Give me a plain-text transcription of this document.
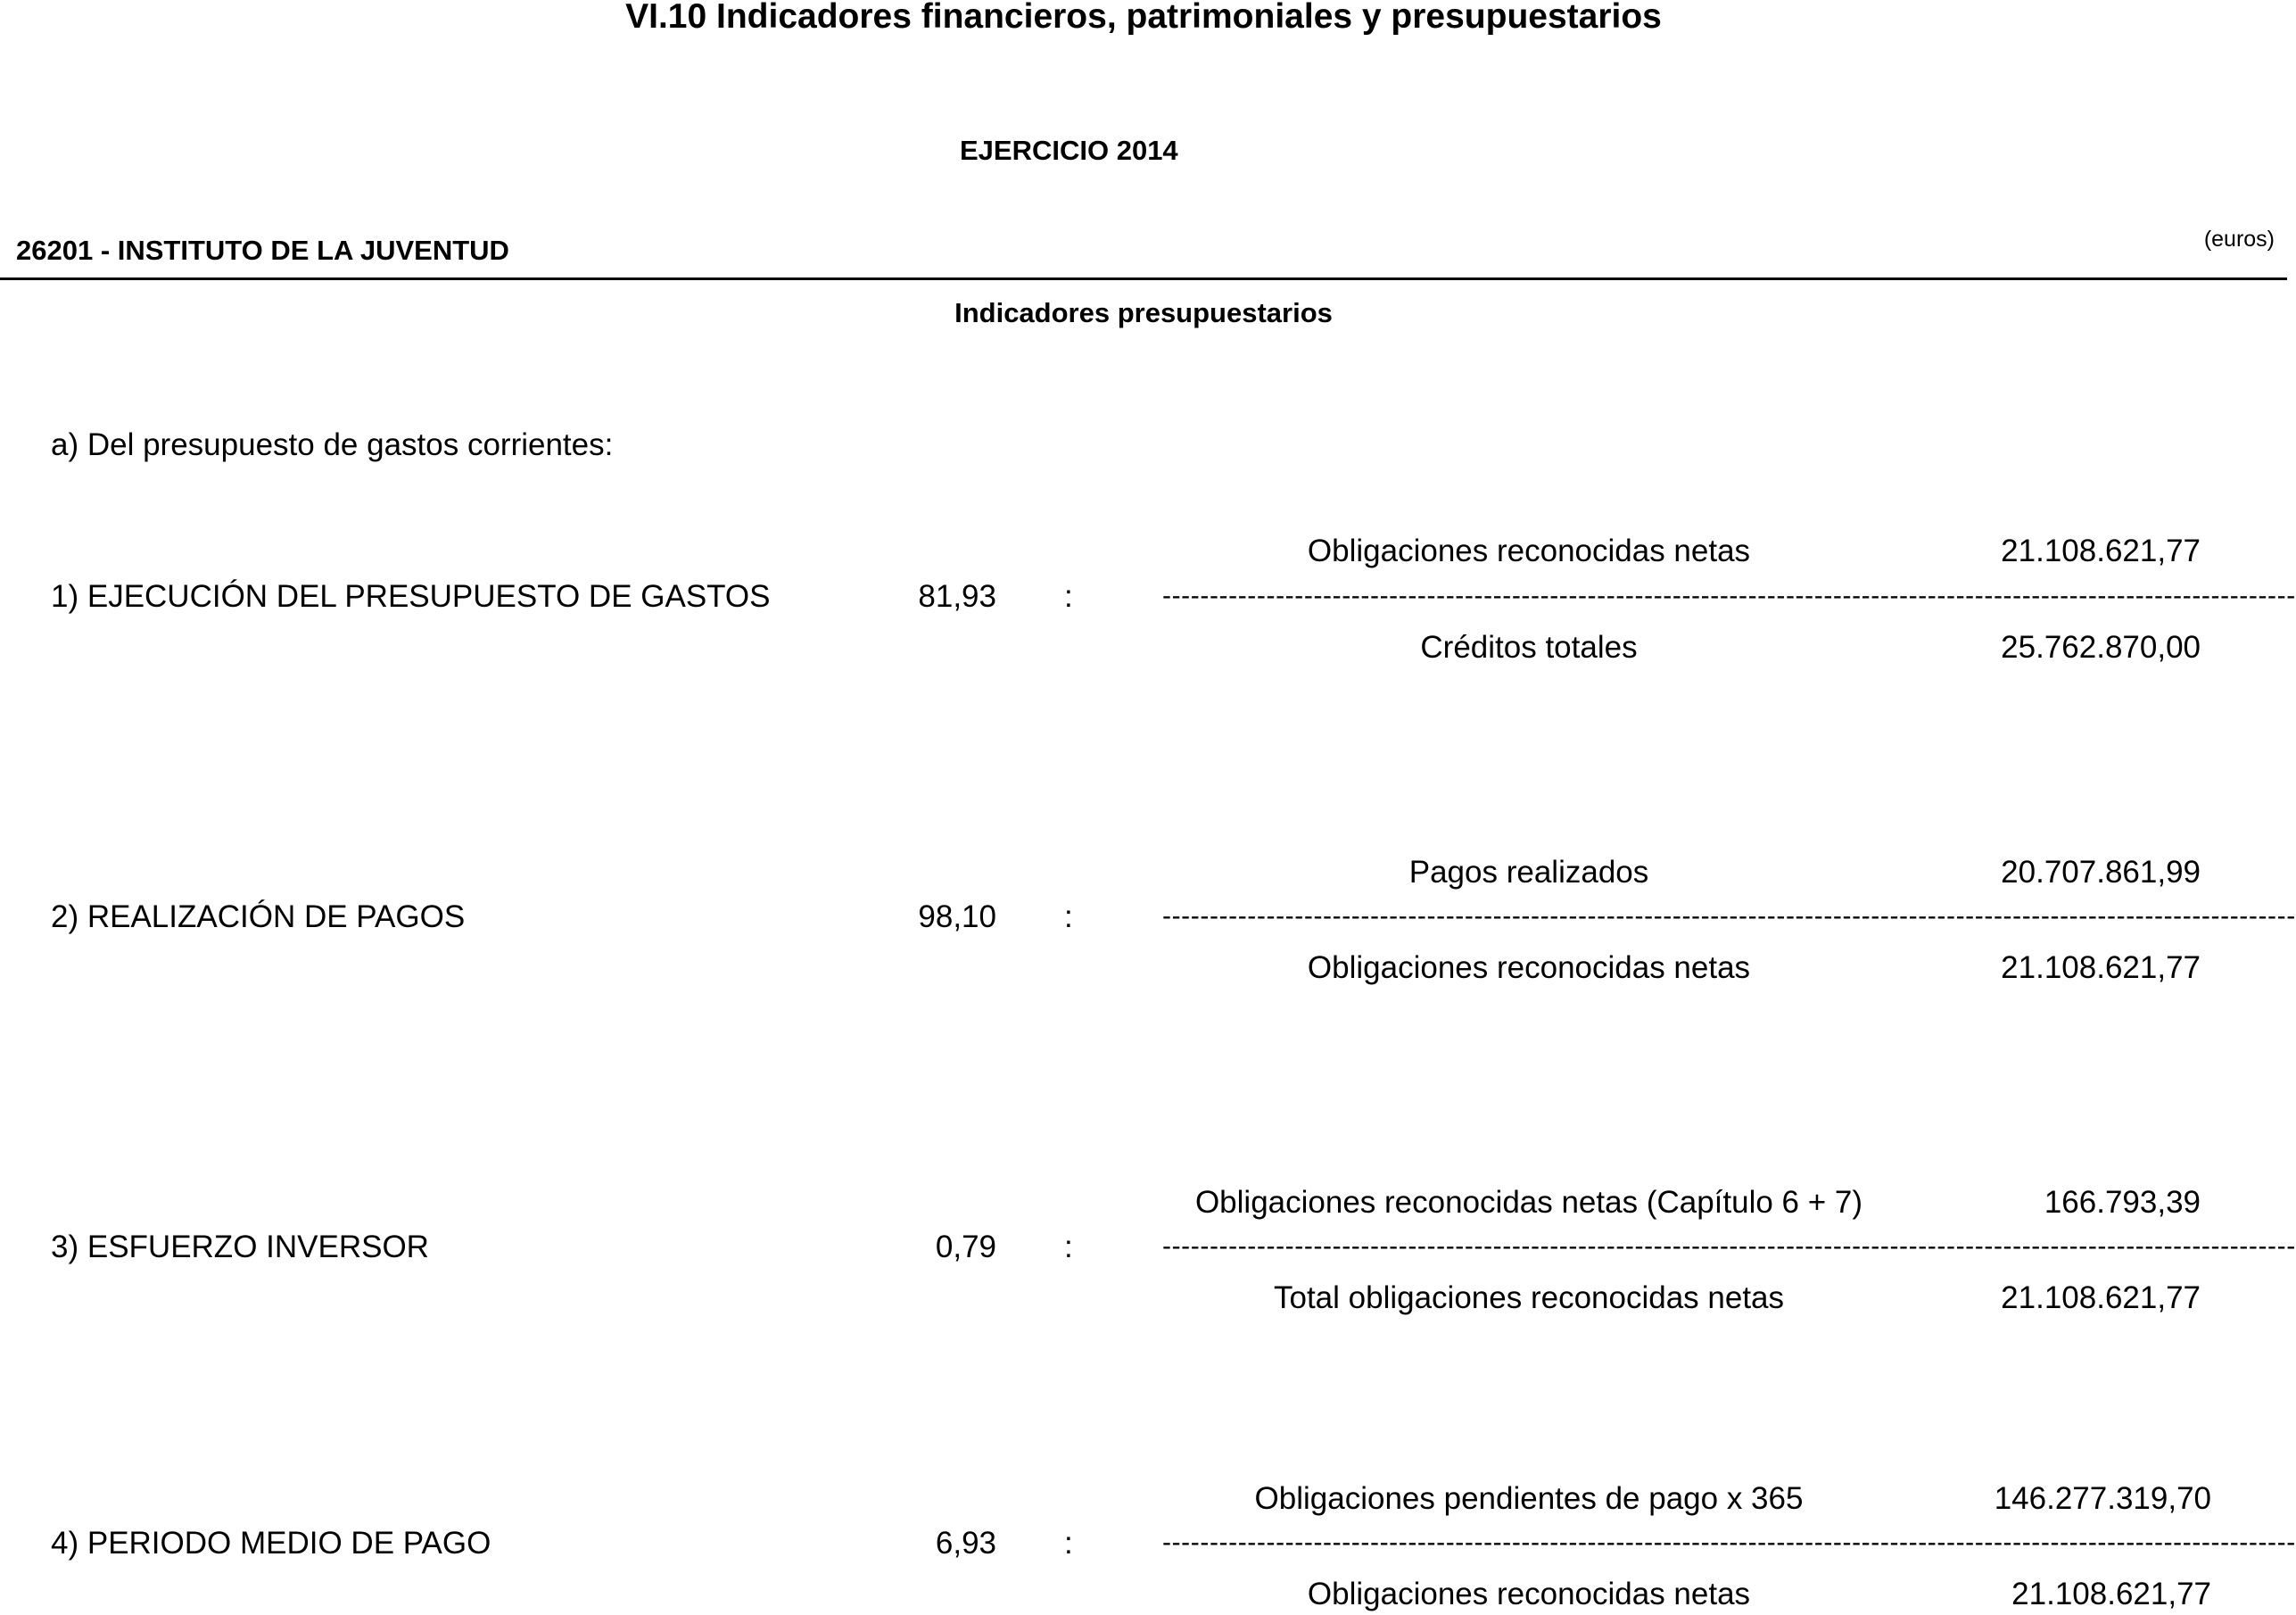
VI.10 Indicadores financieros, patrimoniales y presupuestarios
EJERCICIO 2014
26201 - INSTITUTO DE LA JUVENTUD	(euros)
Indicadores presupuestarios
a) Del presupuesto de gastos corrientes:
Obligaciones reconocidas netas	21.108.621,77
1) EJECUCIÓN DEL PRESUPUESTO DE GASTOS	81,93 :	------------------------------------------------------------------------------------------------------------------------
Créditos totales	25.762.870,00
Pagos realizados	20.707.861,99
2) REALIZACIÓN DE PAGOS	98,10 :	------------------------------------------------------------------------------------------------------------------------
Obligaciones reconocidas netas	21.108.621,77
Obligaciones reconocidas netas (Capítulo 6 + 7)	166.793,39
3) ESFUERZO INVERSOR	0,79 :	------------------------------------------------------------------------------------------------------------------------
Total obligaciones reconocidas netas	21.108.621,77
Obligaciones pendientes de pago x 365	146.277.319,70
4) PERIODO MEDIO DE PAGO	6,93 :	------------------------------------------------------------------------------------------------------------------------
Obligaciones reconocidas netas	21.108.621,77
